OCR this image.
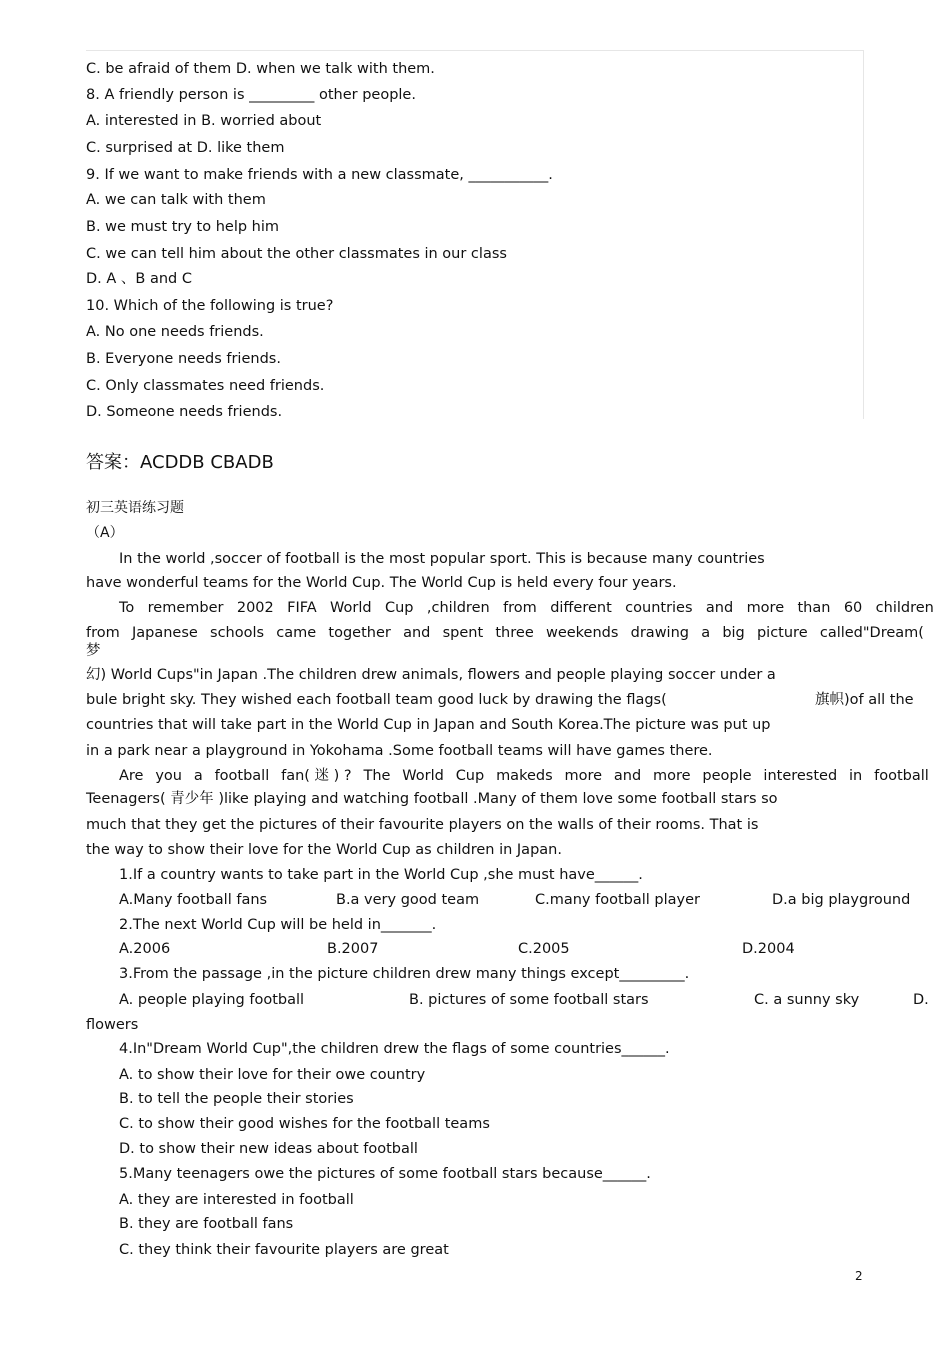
C. be afraid of them D. when we talk with them.
8. A friendly person is _________ other people.
A. interested in B. worried about
C. surprised at D. like them
9. If we want to make friends with a new classmate, ___________.
A. we can talk with them
B. we must try to help him
C. we can tell him about the other classmates in our class
D. A 、B and C
10. Which of the following is true?
A. No one needs friends.
B. Everyone needs friends.
C. Only classmates need friends.
D. Someone needs friends.
答案：ACDDB CBADB
初三英语练习题
（A）
In the world ,soccer of football is the most popular sport. This is because many countries
have wonderful teams for the World Cup. The World Cup is held every four years.
To remember 2002 FIFA World Cup ,children from different countries and more than 60 children
from Japanese schools came together and spent three weekends drawing a big picture called"Dream(
梦
幻) World Cups"in Japan .The children drew animals, flowers and people playing soccer under a
bule bright sky. They wished each football team good luck by drawing the flags(	旗帜)of all the
countries that will take part in the World Cup in Japan and South Korea.The picture was put up
in a park near a playground in Yokohama .Some football teams will have games there.
Are you a football fan( 迷 ) ? The World Cup makeds more and more people interested in football
Teenagers( 青少年 )like playing and watching football .Many of them love some football stars so
much that they get the pictures of their favourite players on the walls of their rooms. That is
the way to show their love for the World Cup as children in Japan.
1.If a country wants to take part in the World Cup ,she must have______.
A.Many football fans	B.a very good team	C.many football player	D.a big playground
2.The next World Cup will be held in_______.
A.2006	B.2007	C.2005	D.2004
3.From the passage ,in the picture children drew many things except_________.
A. people playing football	B. pictures of some football stars	C. a sunny sky	D.
flowers
4.In"Dream World Cup",the children drew the flags of some countries______.
A. to show their love for their owe country
B. to tell the people their stories
C. to show their good wishes for the football teams
D. to show their new ideas about football
5.Many teenagers owe the pictures of some football stars because______.
A. they are interested in football
B. they are football fans
C. they think their favourite players are great
2
